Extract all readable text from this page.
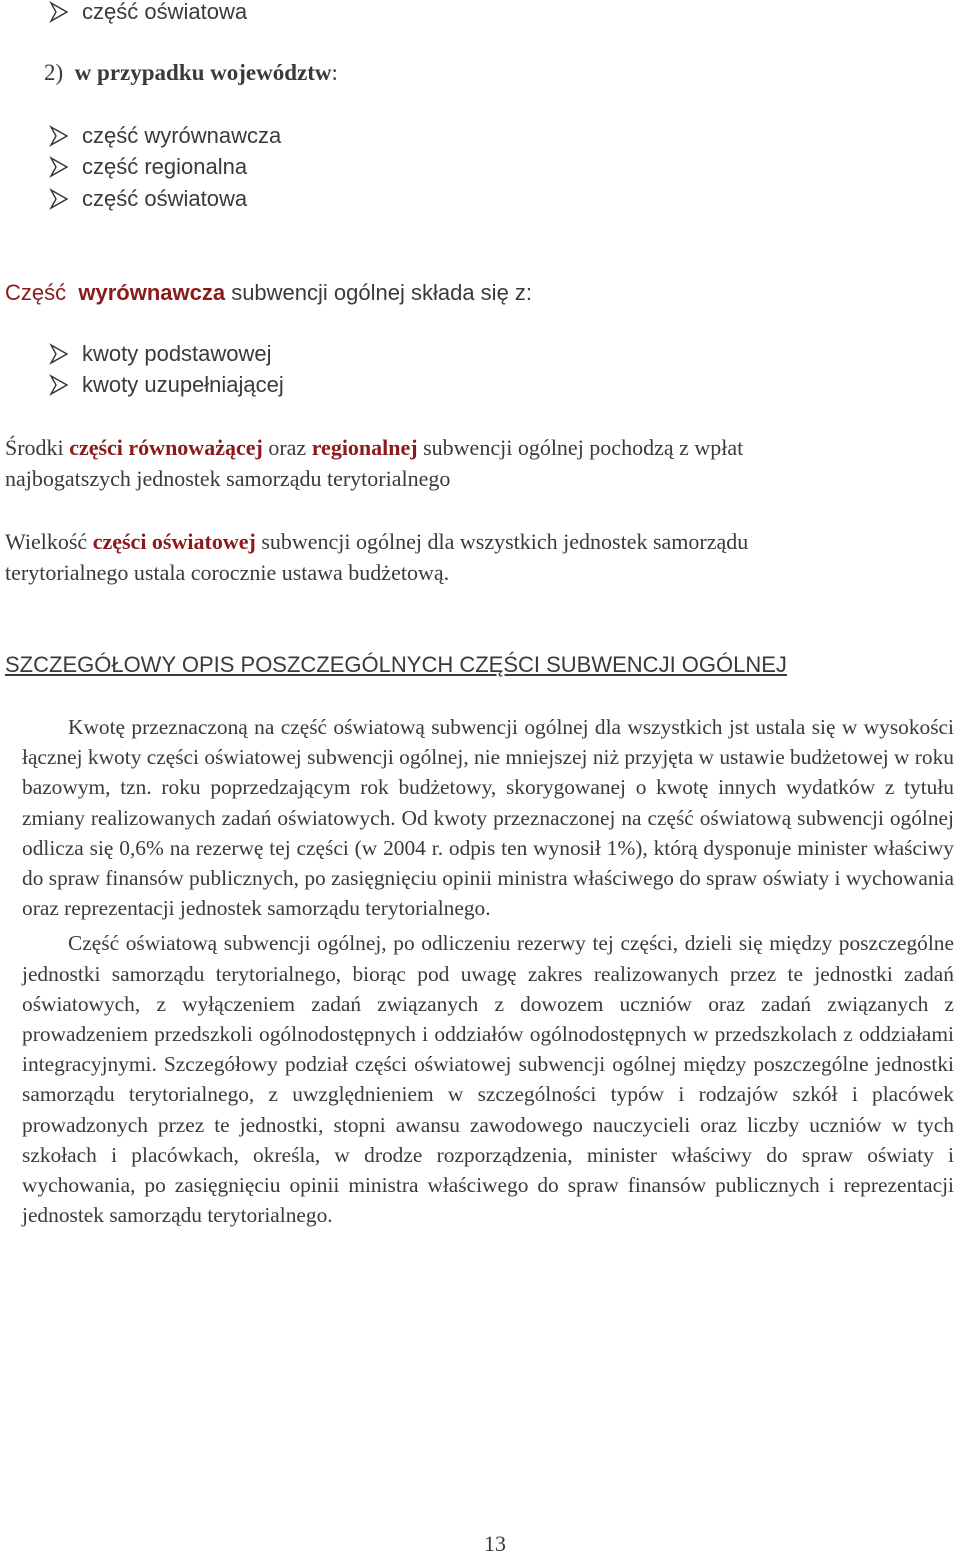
część oświatowa
2) w przypadku województw:
część wyrównawcza
część regionalna
część oświatowa
Część wyrównawcza subwencji ogólnej składa się z:
kwoty podstawowej
kwoty uzupełniającej
Środki części równoważącej oraz regionalnej subwencji ogólnej pochodzą z wpłat
najbogatszych jednostek samorządu terytorialnego
Wielkość części oświatowej subwencji ogólnej dla wszystkich jednostek samorządu
terytorialnego ustala corocznie ustawa budżetową.
SZCZEGÓŁOWY OPIS POSZCZEGÓLNYCH CZĘŚCI SUBWENCJI OGÓLNEJ

Kwotę przeznaczoną na część oświatową subwencji ogólnej dla wszystkich jst ustala się w wysokości łącznej kwoty części oświatowej subwencji ogólnej, nie mniejszej niż przyjęta w ustawie budżetowej w roku bazowym, tzn. roku poprzedzającym rok budżetowy, skorygowanej o kwotę innych wydatków z tytułu zmiany realizowanych zadań oświatowych. Od kwoty przeznaczonej na część oświatową subwencji ogólnej odlicza się 0,6% na rezerwę tej części (w 2004 r. odpis ten wynosił 1%), którą dysponuje minister właściwy do spraw finansów publicznych, po zasięgnięciu opinii ministra właściwego do spraw oświaty i wychowania oraz reprezentacji jednostek samorządu terytorialnego.

Część oświatową subwencji ogólnej, po odliczeniu rezerwy tej części, dzieli się między poszczególne jednostki samorządu terytorialnego, biorąc pod uwagę zakres realizowanych przez te jednostki zadań oświatowych, z wyłączeniem zadań związanych z dowozem uczniów oraz zadań związanych z prowadzeniem przedszkoli ogólnodostępnych i oddziałów ogólnodostępnych w przedszkolach z oddziałami integracyjnymi. Szczegółowy podział części oświatowej subwencji ogólnej między poszczególne jednostki samorządu terytorialnego, z uwzględnieniem w szczególności typów i rodzajów szkół i placówek prowadzonych przez te jednostki, stopni awansu zawodowego nauczycieli oraz liczby uczniów w tych szkołach i placówkach, określa, w drodze rozporządzenia, minister właściwy do spraw oświaty i wychowania, po zasięgnięciu opinii ministra właściwego do spraw finansów publicznych i reprezentacji jednostek samorządu terytorialnego.

13
